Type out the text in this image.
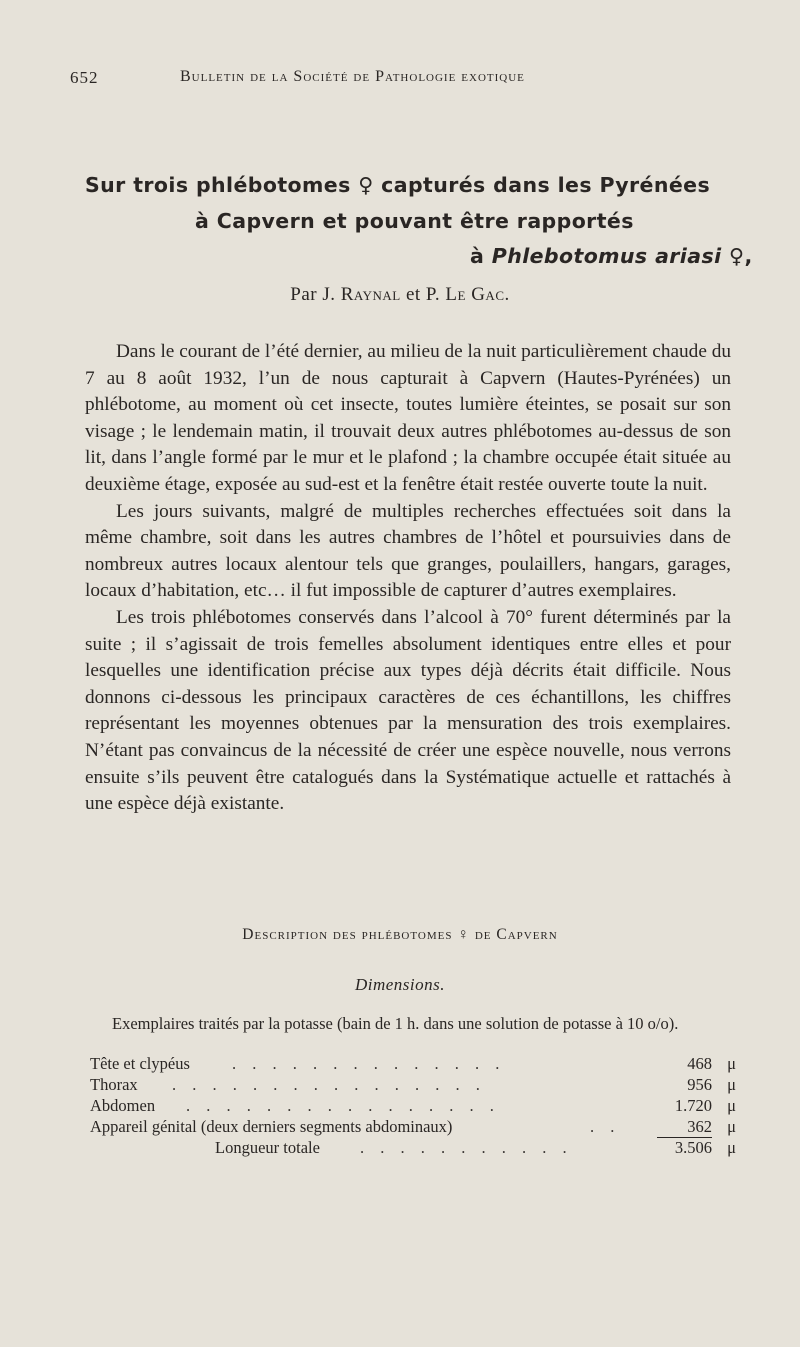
652	Bulletin de la Société de Pathologie exotique
Sur trois phlébotomes ♀ capturés dans les Pyrénées
à Capvern et pouvant être rapportés
à Phlebotomus ariasi ♀,
Par J. Raynal et P. Le Gac.

Dans le courant de l’été dernier, au milieu de la nuit particulièrement chaude du 7 au 8 août 1932, l’un de nous capturait à Capvern (Hautes-Pyrénées) un phlébotome, au moment où cet insecte, toutes lumière éteintes, se posait sur son visage ; le lendemain matin, il trouvait deux autres phlébotomes au-dessus de son lit, dans l’angle formé par le mur et le plafond ; la chambre occupée était située au deuxième étage, exposée au sud-est et la fenêtre était restée ouverte toute la nuit.

Les jours suivants, malgré de multiples recherches effectuées soit dans la même chambre, soit dans les autres chambres de l’hôtel et poursuivies dans de nombreux autres locaux alentour tels que granges, poulaillers, hangars, garages, locaux d’habitation, etc… il fut impossible de capturer d’autres exemplaires.

Les trois phlébotomes conservés dans l’alcool à 70° furent déterminés par la suite ; il s’agissait de trois femelles absolument identiques entre elles et pour lesquelles une identification précise aux types déjà décrits était difficile. Nous donnons ci-dessous les principaux caractères de ces échantillons, les chiffres représentant les moyennes obtenues par la mensuration des trois exemplaires. N’étant pas convaincus de la nécessité de créer une espèce nouvelle, nous verrons ensuite s’ils peuvent être catalogués dans la Systématique actuelle et rattachés à une espèce déjà existante.

Description des phlébotomes ♀ de Capvern
Dimensions.
Exemplaires traités par la potasse (bain de 1 h. dans une solution de potasse à 10 o/o).
Tête et clypéus	. . . . . . . . . . . . . .	468 μ
Thorax . . . . . . . . . . . . . . . .	956 μ
Abdomen . . . . . . . . . . . . . . . .	1.720 μ
Appareil génital (deux derniers segments abdominaux)	. .	362 μ
Longueur totale . . . . . . . . . . .	3.506 μ
